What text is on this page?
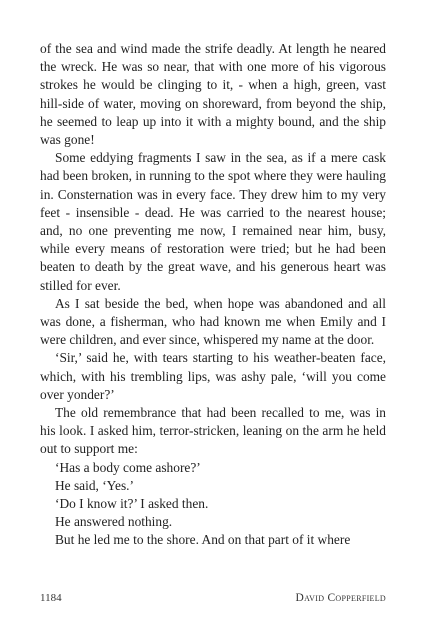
of the sea and wind made the strife deadly. At length he neared the wreck. He was so near, that with one more of his vigorous strokes he would be clinging to it, - when a high, green, vast hill-side of water, moving on shoreward, from beyond the ship, he seemed to leap up into it with a mighty bound, and the ship was gone!

Some eddying fragments I saw in the sea, as if a mere cask had been broken, in running to the spot where they were hauling in. Consternation was in every face. They drew him to my very feet - insensible - dead. He was carried to the nearest house; and, no one preventing me now, I remained near him, busy, while every means of restoration were tried; but he had been beaten to death by the great wave, and his generous heart was stilled for ever.

As I sat beside the bed, when hope was abandoned and all was done, a fisherman, who had known me when Emily and I were children, and ever since, whispered my name at the door.

‘Sir,’ said he, with tears starting to his weather-beaten face, which, with his trembling lips, was ashy pale, ‘will you come over yonder?’

The old remembrance that had been recalled to me, was in his look. I asked him, terror-stricken, leaning on the arm he held out to support me:

‘Has a body come ashore?’

He said, ‘Yes.’

‘Do I know it?’ I asked then.

He answered nothing.

But he led me to the shore. And on that part of it where

1184	David Copperfield
